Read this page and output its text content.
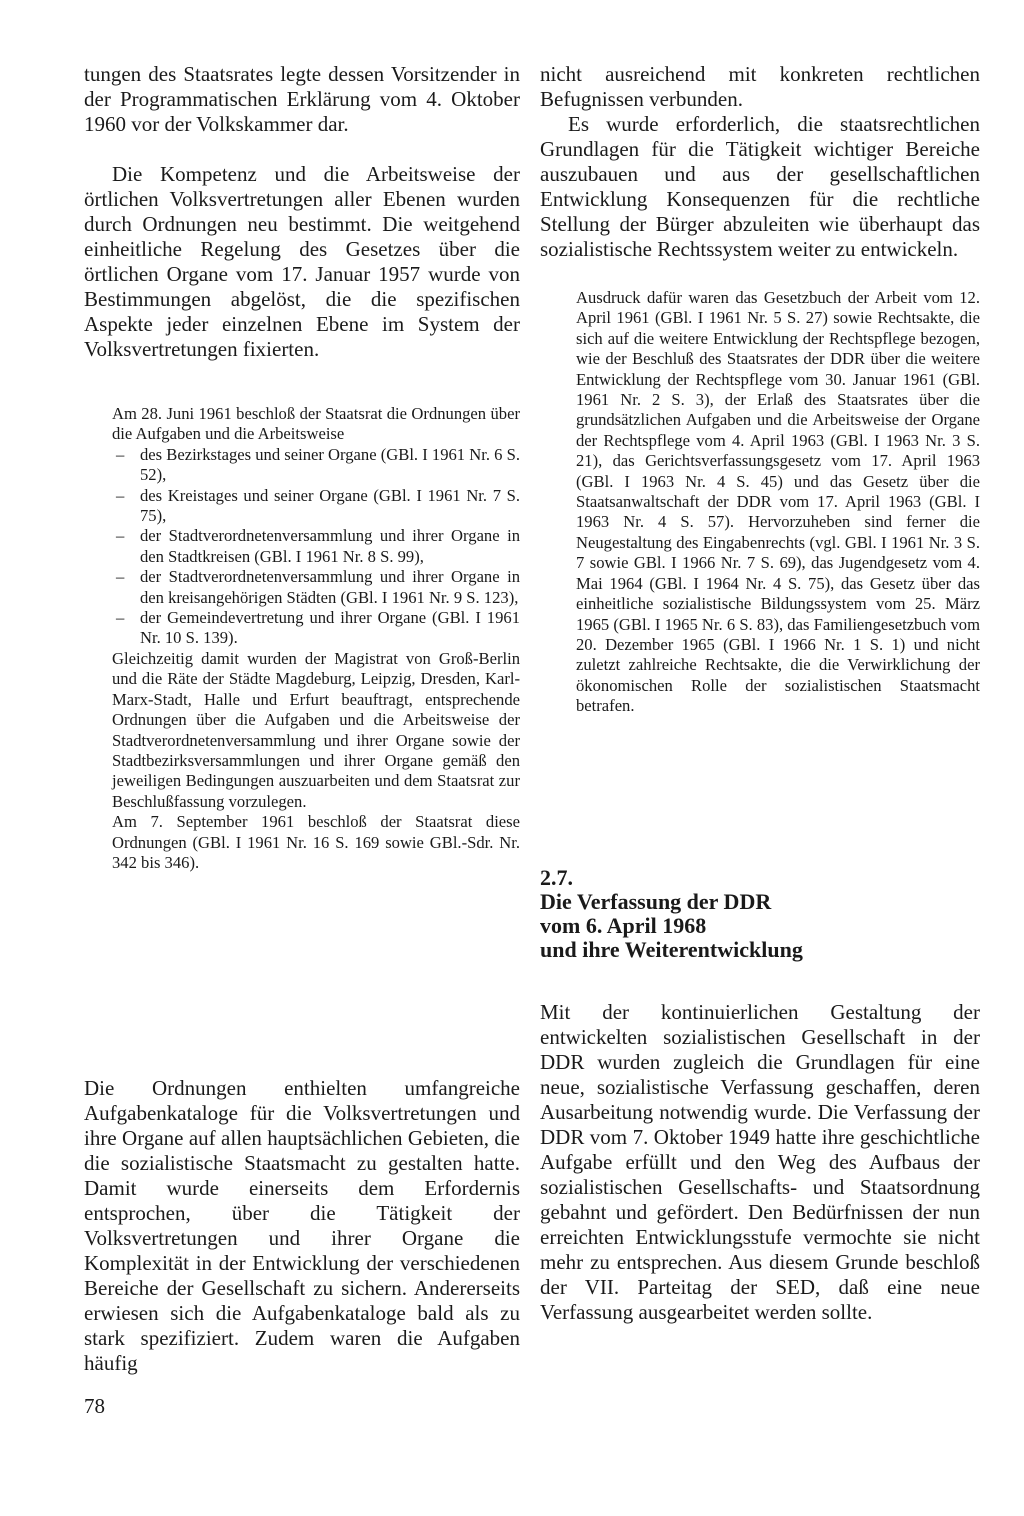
tungen des Staatsrates legte dessen Vorsitzender in der Programmatischen Erklärung vom 4. Oktober 1960 vor der Volkskammer dar.

Die Kompetenz und die Arbeitsweise der örtlichen Volksvertretungen aller Ebenen wurden durch Ordnungen neu bestimmt. Die weitgehend einheitliche Regelung des Gesetzes über die örtlichen Organe vom 17. Januar 1957 wurde von Bestimmungen abgelöst, die die spezifischen Aspekte jeder einzelnen Ebene im System der Volksvertretungen fixierten.

Am 28. Juni 1961 beschloß der Staatsrat die Ordnungen über die Aufgaben und die Arbeitsweise

– des Bezirkstages und seiner Organe (GBl. I 1961 Nr. 6 S. 52),
– des Kreistages und seiner Organe (GBl. I 1961 Nr. 7 S. 75),
– der Stadtverordnetenversammlung und ihrer Organe in den Stadtkreisen (GBl. I 1961 Nr. 8 S. 99),
– der Stadtverordnetenversammlung und ihrer Organe in den kreisangehörigen Städten (GBl. I 1961 Nr. 9 S. 123),
– der Gemeindevertretung und ihrer Organe (GBl. I 1961 Nr. 10 S. 139).

Gleichzeitig damit wurden der Magistrat von Groß-Berlin und die Räte der Städte Magdeburg, Leipzig, Dresden, Karl-Marx-Stadt, Halle und Erfurt beauftragt, entsprechende Ordnungen über die Aufgaben und die Arbeitsweise der Stadtverordnetenversammlung und ihrer Organe sowie der Stadtbezirksversammlungen und ihrer Organe gemäß den jeweiligen Bedingungen auszuarbeiten und dem Staatsrat zur Beschlußfassung vorzulegen.

Am 7. September 1961 beschloß der Staatsrat diese Ordnungen (GBl. I 1961 Nr. 16 S. 169 sowie GBl.-Sdr. Nr. 342 bis 346).

Die Ordnungen enthielten umfangreiche Aufgabenkataloge für die Volksvertretungen und ihre Organe auf allen hauptsächlichen Gebieten, die die sozialistische Staatsmacht zu gestalten hatte. Damit wurde einerseits dem Erfordernis entsprochen, über die Tätigkeit der Volksvertretungen und ihrer Organe die Komplexität in der Entwicklung der verschiedenen Bereiche der Gesellschaft zu sichern. Andererseits erwiesen sich die Aufgabenkataloge bald als zu stark spezifiziert. Zudem waren die Aufgaben häufig

nicht ausreichend mit konkreten rechtlichen Befugnissen verbunden.

Es wurde erforderlich, die staatsrechtlichen Grundlagen für die Tätigkeit wichtiger Bereiche auszubauen und aus der gesellschaftlichen Entwicklung Konsequenzen für die rechtliche Stellung der Bürger abzuleiten wie überhaupt das sozialistische Rechtssystem weiter zu entwickeln.

Ausdruck dafür waren das Gesetzbuch der Arbeit vom 12. April 1961 (GBl. I 1961 Nr. 5 S. 27) sowie Rechtsakte, die sich auf die weitere Entwicklung der Rechtspflege bezogen, wie der Beschluß des Staatsrates der DDR über die weitere Entwicklung der Rechtspflege vom 30. Januar 1961 (GBl. 1961 Nr. 2 S. 3), der Erlaß des Staatsrates über die grundsätzlichen Aufgaben und die Arbeitsweise der Organe der Rechtspflege vom 4. April 1963 (GBl. I 1963 Nr. 3 S. 21), das Gerichtsverfassungsgesetz vom 17. April 1963 (GBl. I 1963 Nr. 4 S. 45) und das Gesetz über die Staatsanwaltschaft der DDR vom 17. April 1963 (GBl. I 1963 Nr. 4 S. 57). Hervorzuheben sind ferner die Neugestaltung des Eingabenrechts (vgl. GBl. I 1961 Nr. 3 S. 7 sowie GBl. I 1966 Nr. 7 S. 69), das Jugendgesetz vom 4. Mai 1964 (GBl. I 1964 Nr. 4 S. 75), das Gesetz über das einheitliche sozialistische Bildungssystem vom 25. März 1965 (GBl. I 1965 Nr. 6 S. 83), das Familiengesetzbuch vom 20. Dezember 1965 (GBl. I 1966 Nr. 1 S. 1) und nicht zuletzt zahlreiche Rechtsakte, die die Verwirklichung der ökonomischen Rolle der sozialistischen Staatsmacht betrafen.

2.7.

Die Verfassung der DDR

vom 6. April 1968

und ihre Weiterentwicklung

Mit der kontinuierlichen Gestaltung der entwickelten sozialistischen Gesellschaft in der DDR wurden zugleich die Grundlagen für eine neue, sozialistische Verfassung geschaffen, deren Ausarbeitung notwendig wurde. Die Verfassung der DDR vom 7. Oktober 1949 hatte ihre geschichtliche Aufgabe erfüllt und den Weg des Aufbaus der sozialistischen Gesellschafts- und Staatsordnung gebahnt und gefördert. Den Bedürfnissen der nun erreichten Entwicklungsstufe vermochte sie nicht mehr zu entsprechen. Aus diesem Grunde beschloß der VII. Parteitag der SED, daß eine neue Verfassung ausgearbeitet werden sollte.

78
